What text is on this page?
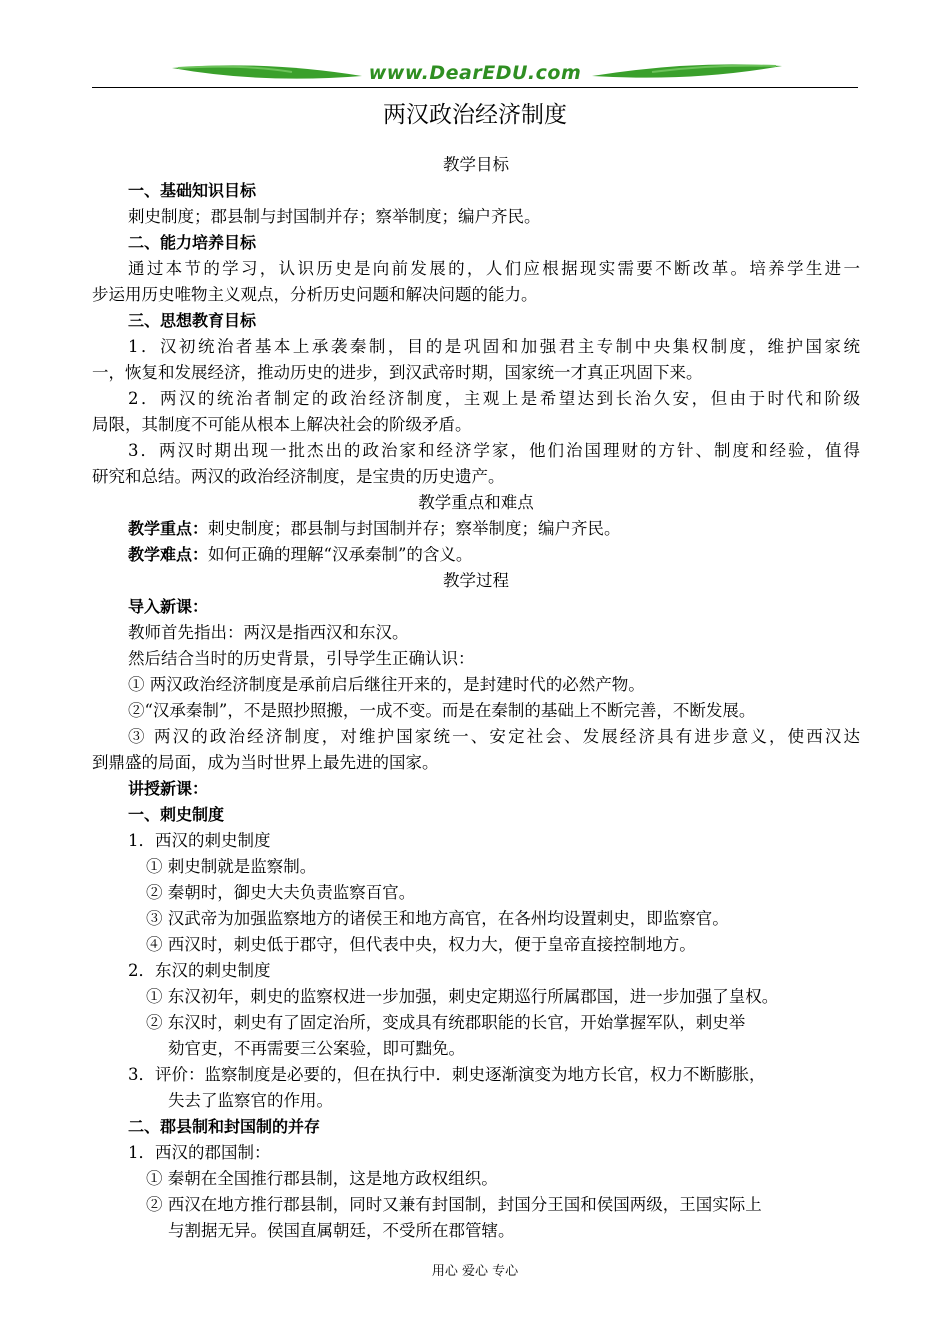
www.DearEDU.com
两汉政治经济制度
教学目标
一、基础知识目标
刺史制度；郡县制与封国制并存；察举制度；编户齐民。
二、能力培养目标
通过本节的学习，认识历史是向前发展的，人们应根据现实需要不断改革。培养学生进一
步运用历史唯物主义观点，分析历史问题和解决问题的能力。
三、思想教育目标
1．汉初统治者基本上承袭秦制，目的是巩固和加强君主专制中央集权制度，维护国家统
一，恢复和发展经济，推动历史的进步，到汉武帝时期，国家统一才真正巩固下来。
2．两汉的统治者制定的政治经济制度，主观上是希望达到长治久安，但由于时代和阶级
局限，其制度不可能从根本上解决社会的阶级矛盾。
3．两汉时期出现一批杰出的政治家和经济学家，他们治国理财的方针、制度和经验，值得
研究和总结。两汉的政治经济制度，是宝贵的历史遗产。
教学重点和难点
教学重点：刺史制度；郡县制与封国制并存；察举制度；编户齐民。
教学难点：如何正确的理解“汉承秦制”的含义。
教学过程
导入新课：
教师首先指出：两汉是指西汉和东汉。
然后结合当时的历史背景，引导学生正确认识：
① 两汉政治经济制度是承前启后继往开来的，是封建时代的必然产物。
②“汉承秦制”，不是照抄照搬，一成不变。而是在秦制的基础上不断完善，不断发展。
③ 两汉的政治经济制度，对维护国家统一、安定社会、发展经济具有进步意义，使西汉达
到鼎盛的局面，成为当时世界上最先进的国家。
讲授新课：
一、刺史制度
1．西汉的刺史制度
① 刺史制就是监察制。
② 秦朝时，御史大夫负责监察百官。
③ 汉武帝为加强监察地方的诸侯王和地方高官，在各州均设置刺史，即监察官。
④ 西汉时，刺史低于郡守，但代表中央，权力大，便于皇帝直接控制地方。
2．东汉的刺史制度
① 东汉初年，刺史的监察权进一步加强，刺史定期巡行所属郡国，进一步加强了皇权。
② 东汉时，刺史有了固定治所，变成具有统郡职能的长官，开始掌握军队，刺史举
劾官吏，不再需要三公案验，即可黜免。
3．评价：监察制度是必要的，但在执行中．刺史逐渐演变为地方长官，权力不断膨胀，
失去了监察官的作用。
二、郡县制和封国制的并存
1．西汉的郡国制：
① 秦朝在全国推行郡县制，这是地方政权组织。
② 西汉在地方推行郡县制，同时又兼有封国制，封国分王国和侯国两级，王国实际上
与割据无异。侯国直属朝廷，不受所在郡管辖。
用心 爱心 专心
